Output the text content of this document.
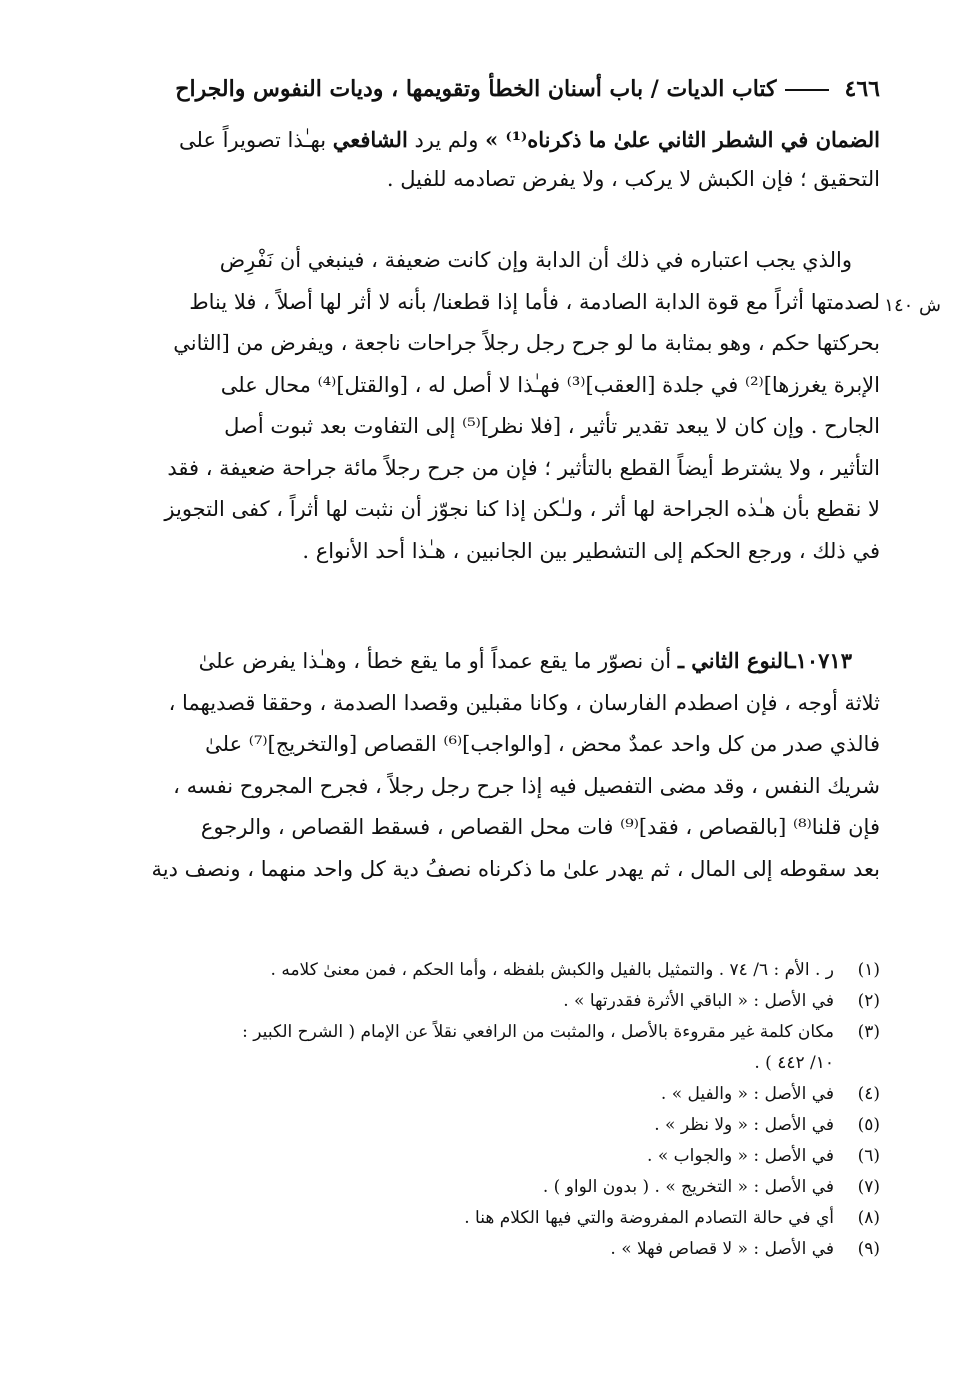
٤٦٦كتاب الديات / باب أسنان الخطأ وتقويمها ، وديات النفوس والجراح
الضمان في الشطر الثاني علىٰ ما ذكرناه⁽¹⁾ » ولم يرد الشافعي بهـٰذا تصويراً على
التحقيق ؛ فإن الكبش لا يركب ، ولا يفرض تصادمه للفيل .
والذي يجب اعتباره في ذلك أن الدابة وإن كانت ضعيفة ، فينبغي أن نَفْرِض
لصدمتها أثراً مع قوة الدابة الصادمة ، فأما إذا قطعنا/ بأنه لا أثر لها أصلاً ، فلا يناط
بحركتها حكم ، وهو بمثابة ما لو جرح رجل رجلاً جراحات ناجعة ، ويفرض من [الثاني
الإبرة يغرزها]⁽²⁾ في جلدة [العقب]⁽³⁾ فهـٰذا لا أصل له ، [والقتل]⁽⁴⁾ محال على
الجارح . وإن كان لا يبعد تقدير تأثير ، [فلا نظر]⁽⁵⁾ إلى التفاوت بعد ثبوت أصل
التأثير ، ولا يشترط أيضاً القطع بالتأثير ؛ فإن من جرح رجلاً مائة جراحة ضعيفة ، فقد
لا نقطع بأن هـٰذه الجراحة لها أثر ، ولـٰكن إذا كنا نجوّز أن نثبت لها أثراً ، كفى التجويز
في ذلك ، ورجع الحكم إلى التشطير بين الجانبين ، هـٰذا أحد الأنواع .
ش ١٤٠
١٠٧١٣ـالنوع الثاني ـ أن نصوّر ما يقع عمداً أو ما يقع خطأ ، وهـٰذا يفرض علىٰ
ثلاثة أوجه ، فإن اصطدم الفارسان ، وكانا مقبلين وقصدا الصدمة ، وحققا قصديهما ،
فالذي صدر من كل واحد عمدٌ محض ، [والواجب]⁽⁶⁾ القصاص [والتخريج]⁽⁷⁾ علىٰ
شريك النفس ، وقد مضى التفصيل فيه إذا جرح رجل رجلاً ، فجرح المجروح نفسه ،
فإن قلنا⁽⁸⁾ [بالقصاص ، فقد]⁽⁹⁾ فات محل القصاص ، فسقط القصاص ، والرجوع
بعد سقوطه إلى المال ، ثم يهدر علىٰ ما ذكرناه نصفُ دية كل واحد منهما ، ونصف دية
(١)
ر . الأم : ٦/ ٧٤ . والتمثيل بالفيل والكبش بلفظه ، وأما الحكم ، فمن معنىٰ كلامه .
(٢)
في الأصل : « الباقي الأثرة فقدرتها » .
(٣)
مكان كلمة غير مقروءة بالأصل ، والمثبت من الرافعي نقلاً عن الإمام ( الشرح الكبير :
١٠/ ٤٤٢ ) .
(٤)
في الأصل : « والفيل » .
(٥)
في الأصل : « ولا نظر » .
(٦)
في الأصل : « والجواب » .
(٧)
في الأصل : « التخريج » . ( بدون الواو ) .
(٨)
أي في حالة التصادم المفروضة والتي فيها الكلام هنا .
(٩)
في الأصل : « لا قصاص فهلا » .
